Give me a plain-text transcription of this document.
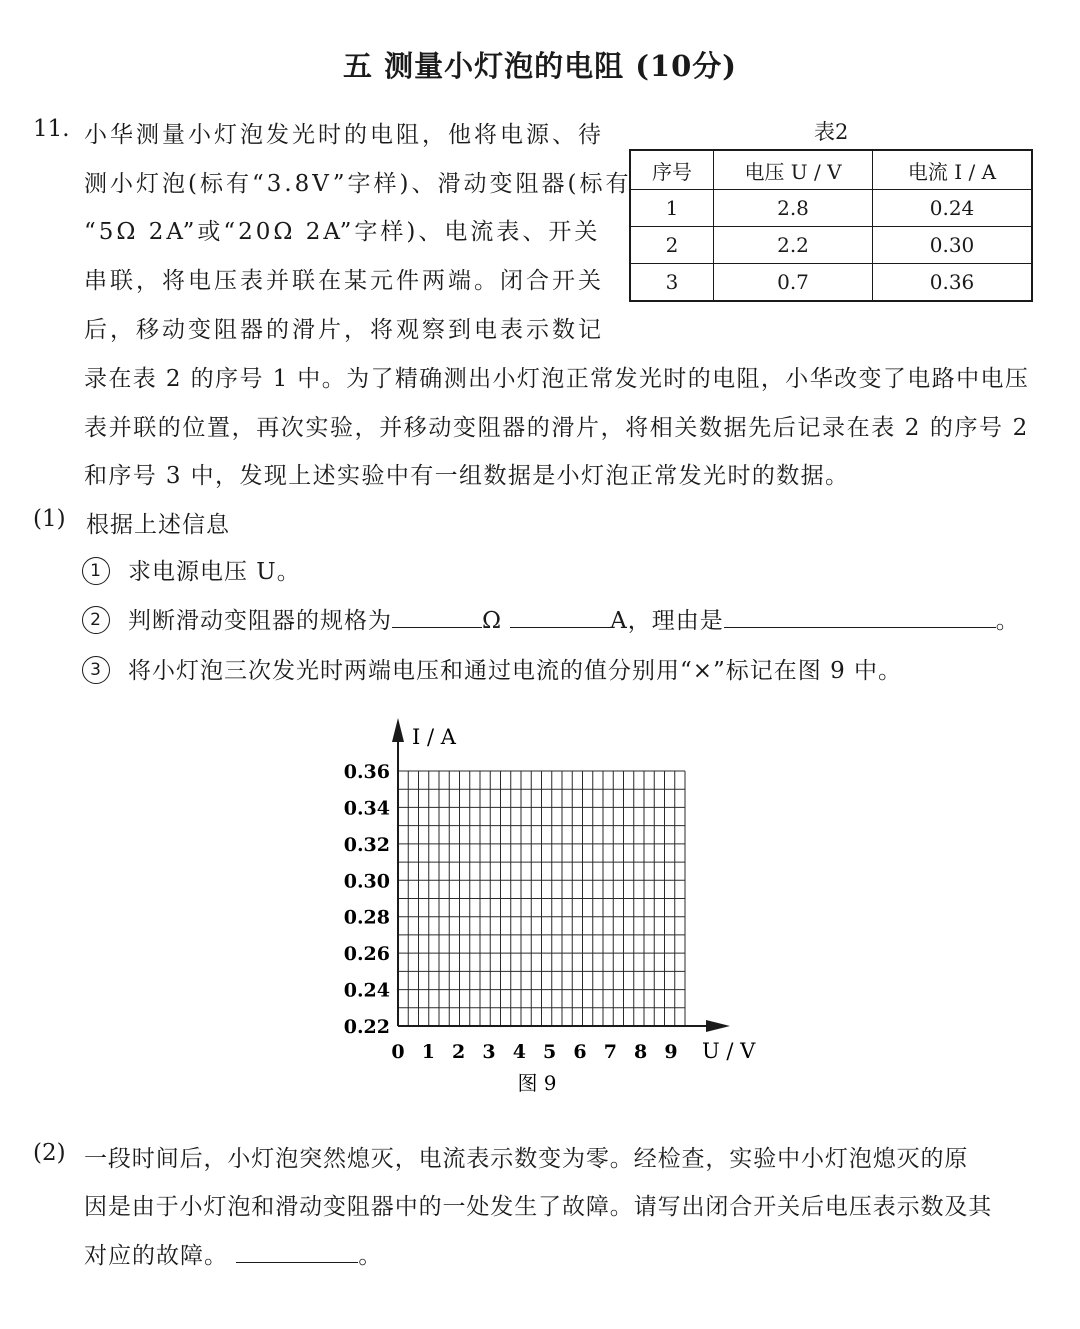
五 测量小灯泡的电阻 (10分)
11. 小华测量小灯泡发光时的电阻，他将电源、待
测小灯泡(标有“3.8V”字样)、滑动变阻器(标有
“5Ω 2A”或“20Ω 2A”字样)、电流表、开关
串联，将电压表并联在某元件两端。闭合开关
后，移动变阻器的滑片，将观察到电表示数记
录在表 2 的序号 1 中。为了精确测出小灯泡正常发光时的电阻，小华改变了电路中电压
表并联的位置，再次实验，并移动变阻器的滑片，将相关数据先后记录在表 2 的序号 2
和序号 3 中，发现上述实验中有一组数据是小灯泡正常发光时的数据。
表2
序号	电压 U / V	电流 I / A
1	2.8	0.24
2	2.2	0.30
3	0.7	0.36
(1) 根据上述信息
1 求电源电压 U。
2 判断滑动变阻器的规格为	Ω	A，理由是	。
3 将小灯泡三次发光时两端电压和通过电流的值分别用“×”标记在图 9 中。
0 1 2 3 4 5 6 7 8 9
0.22
0.24
0.26
0.28
0.30
0.32
0.34
0.36
I / A
U / V
图 9
(2) 一段时间后，小灯泡突然熄灭，电流表示数变为零。经检查，实验中小灯泡熄灭的原
因是由于小灯泡和滑动变阻器中的一处发生了故障。请写出闭合开关后电压表示数及其
对应的故障。	。
